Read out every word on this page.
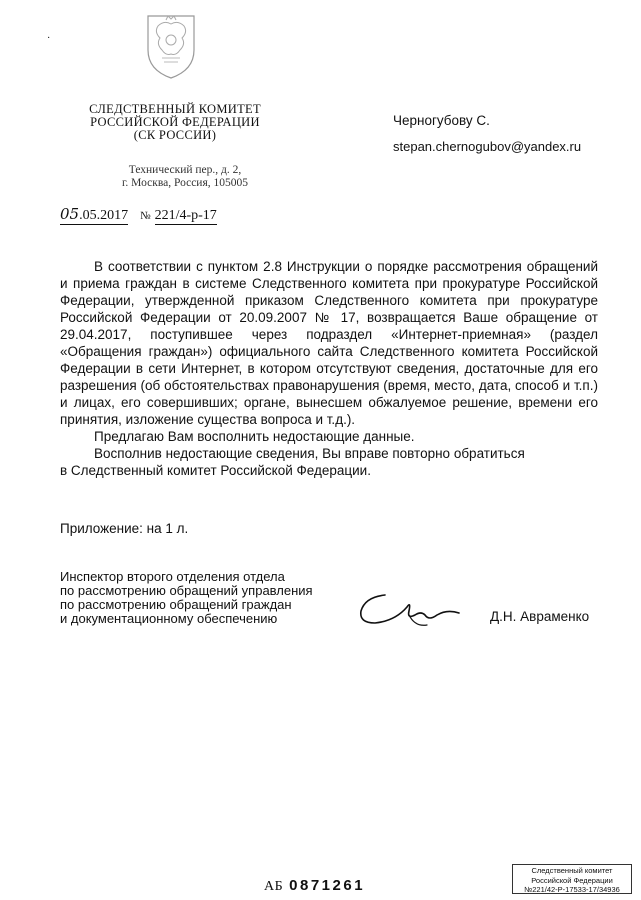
·
СЛЕДСТВЕННЫЙ КОМИТЕТ
РОССИЙСКОЙ ФЕДЕРАЦИИ
(СК РОССИИ)
Технический пер., д. 2,
г. Москва, Россия, 105005
05.05.2017 № 221/4-р-17
Черногубову С.
stepan.chernogubov@yandex.ru

В соответствии с пунктом 2.8 Инструкции о порядке рассмотрения обращений и приема граждан в системе Следственного комитета при прокуратуре Российской Федерации, утвержденной приказом Следственного комитета при прокуратуре Российской Федерации от 20.09.2007 № 17, возвращается Ваше обращение от 29.04.2017, поступившее через подраздел «Интернет-приемная» (раздел «Обращения граждан») официального сайта Следственного комитета Российской Федерации в сети Интернет, в котором отсутствуют сведения, достаточные для его разрешения (об обстоятельствах правонарушения (время, место, дата, способ и т.п.) и лицах, его совершивших; органе, вынесшем обжалуемое решение, времени его принятия, изложение существа вопроса и т.д.).

Предлагаю Вам восполнить недостающие данные.

Восполнив недостающие сведения, Вы вправе повторно обратиться

в Следственный комитет Российской Федерации.

Приложение: на 1 л.
Инспектор второго отделения отдела
по рассмотрению обращений управления
по рассмотрению обращений граждан
и документационному обеспечению	Д.Н. Авраменко
АБ 0871261
Следственный комитет
Российской Федерации
№221/42-Р-17533-17/34936
